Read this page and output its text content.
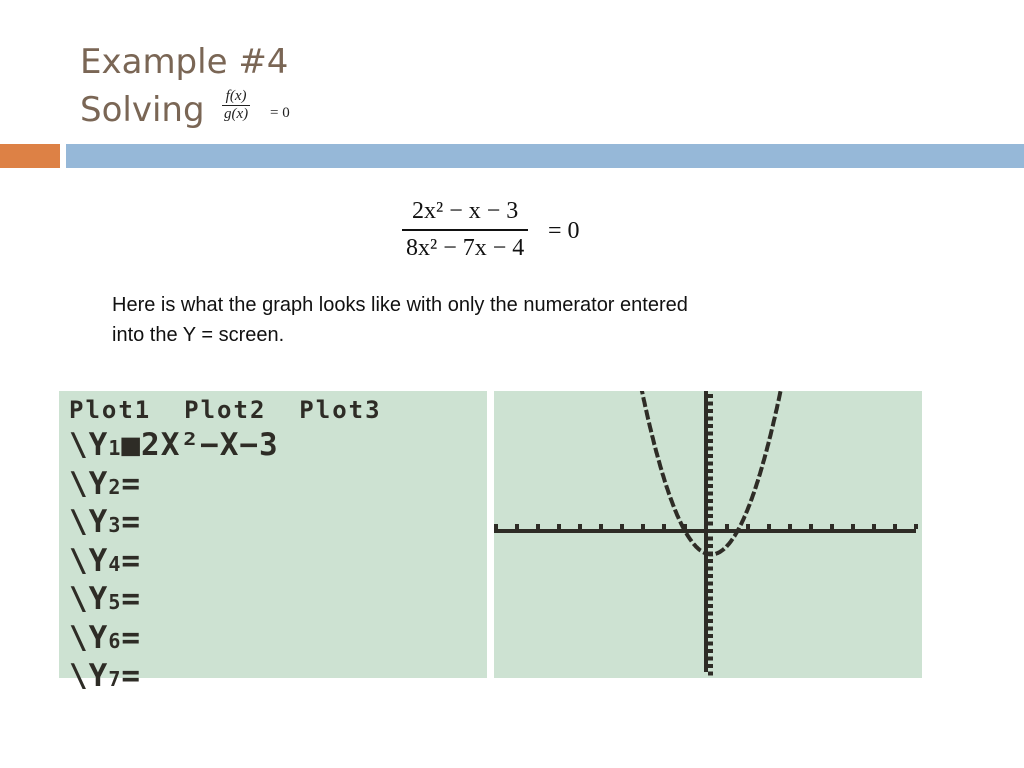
Example #4
Solving	$\frac{f(x)}{g(x)} = 0$
$\frac{\text{2x² − x − 3}}{\text{8x² − 7x − 4}} = 0$
Here is what the graph looks like with only the numerator entered
into the Y = screen.
Plot1  Plot2  Plot3
\Y1■2X²−X−3
\Y2=
\Y3=
\Y4=
\Y5=
\Y6=
\Y7=
